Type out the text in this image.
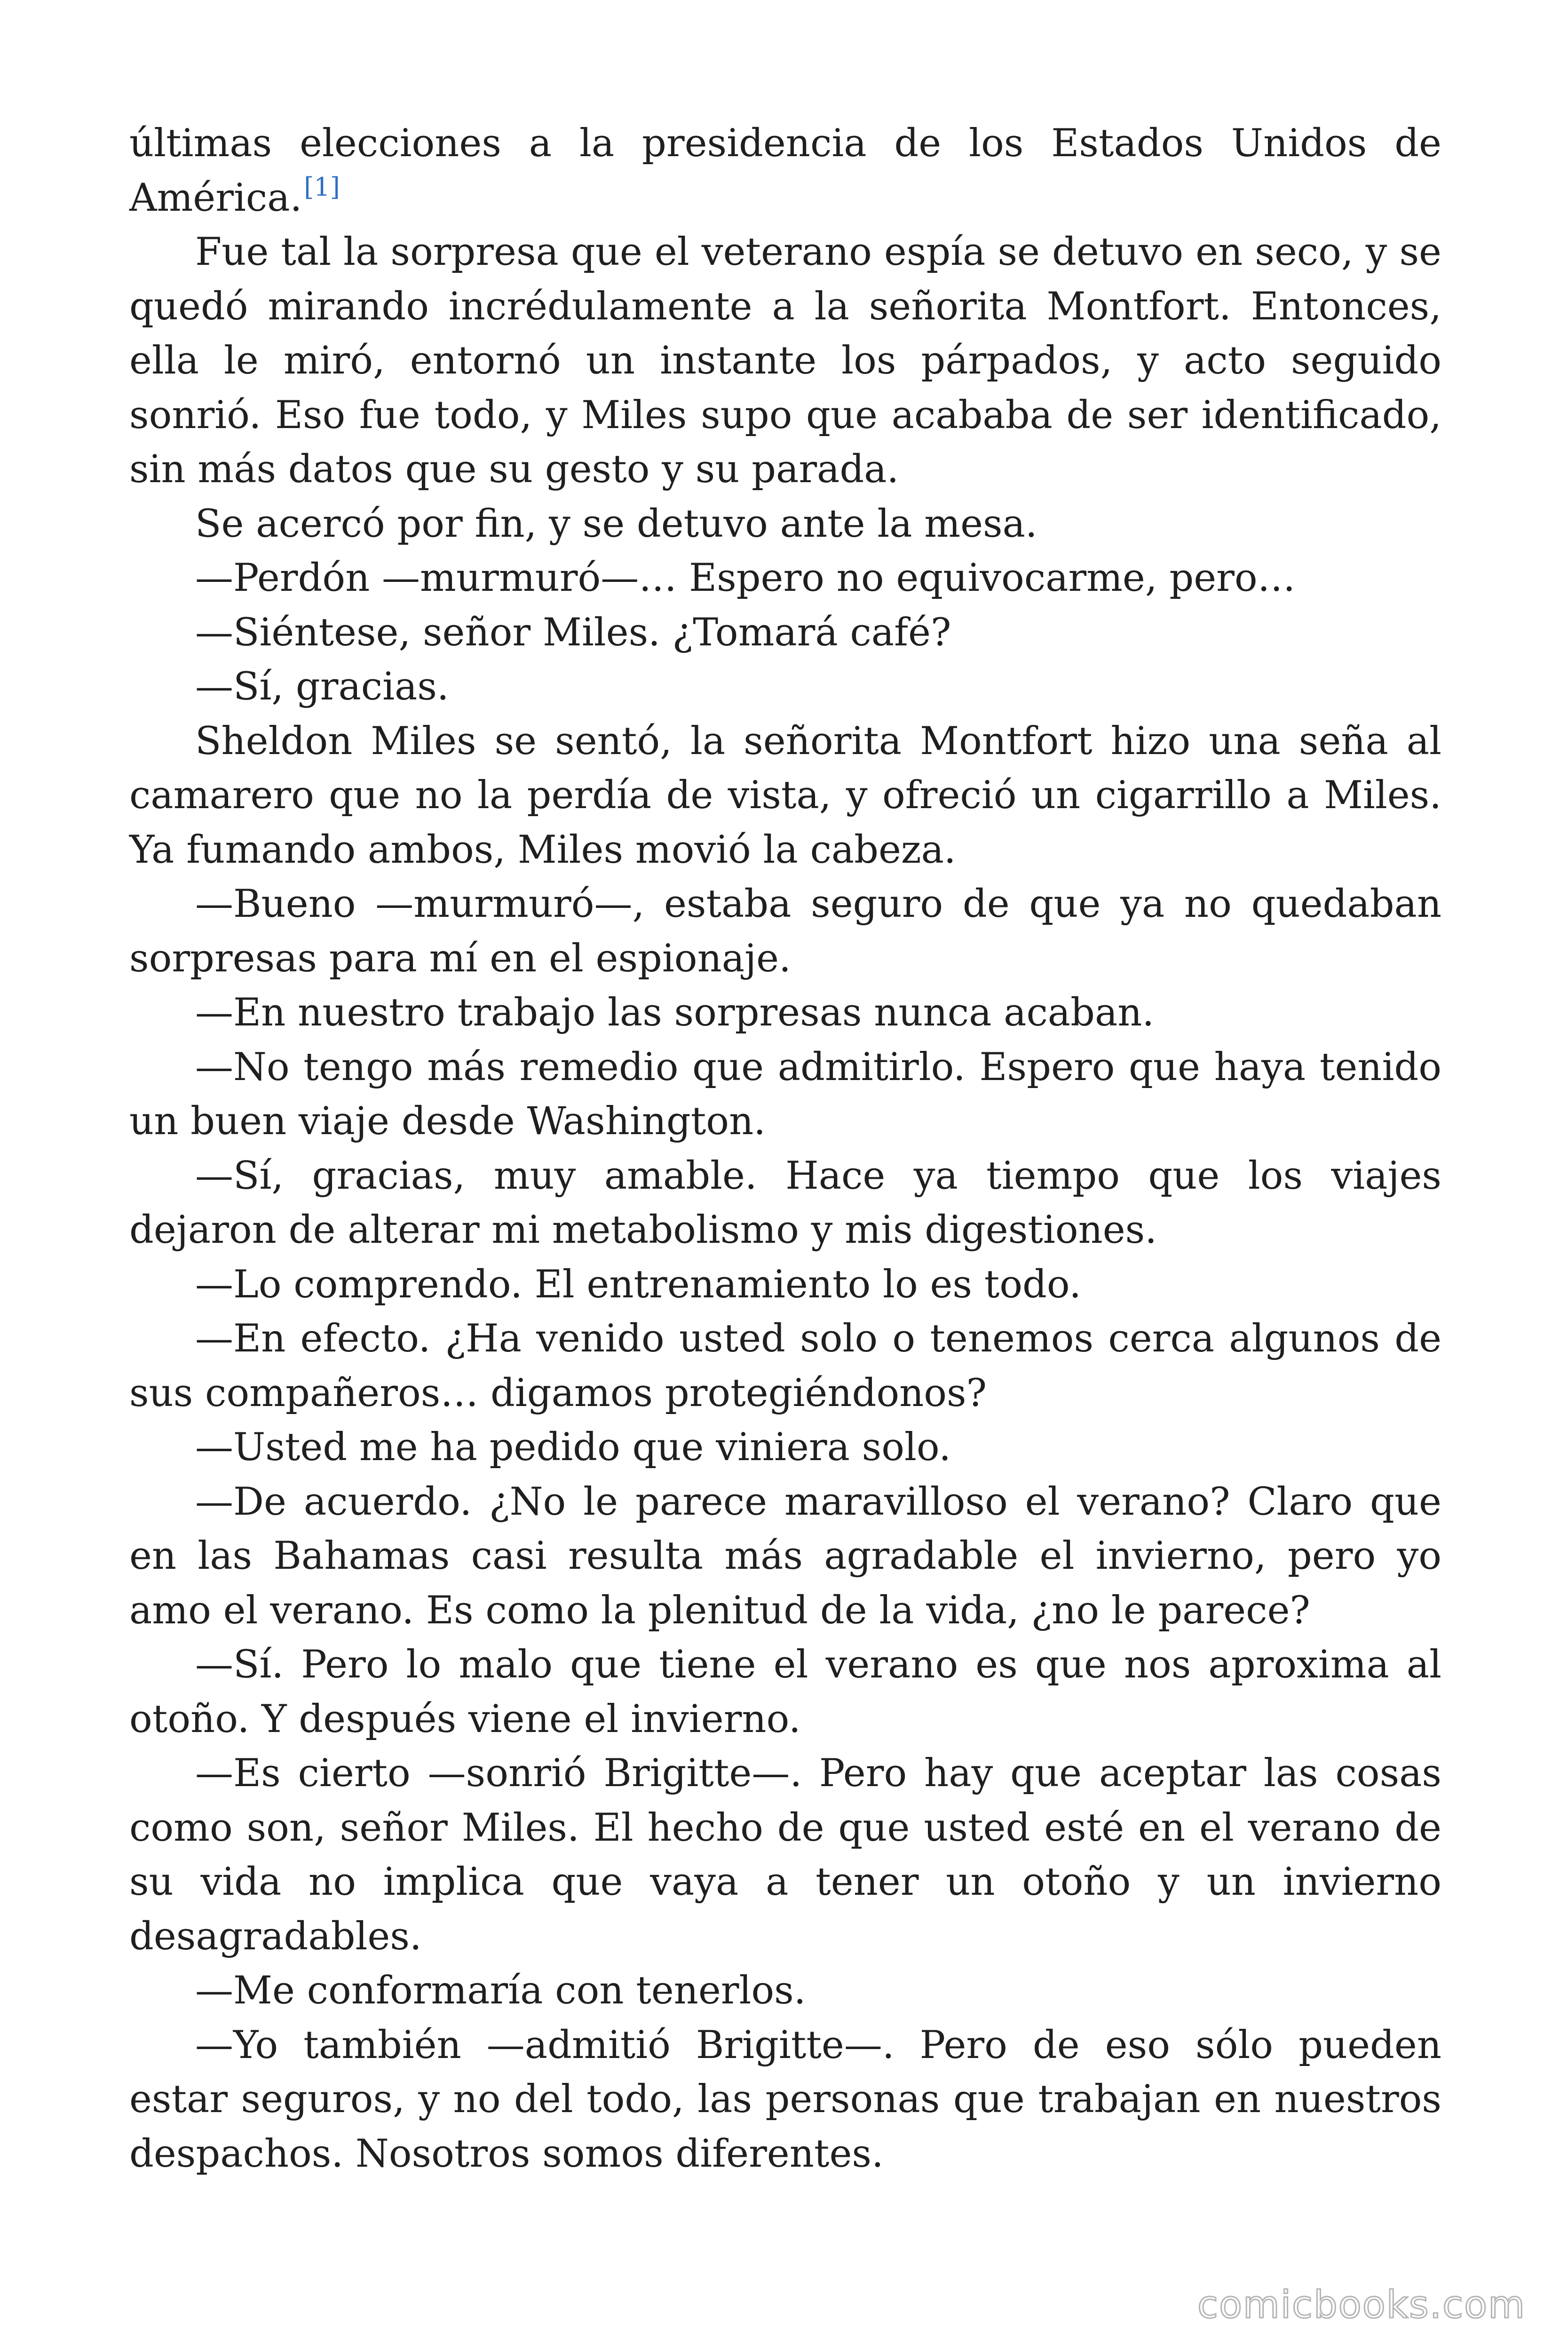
últimas elecciones a la presidencia de los Estados Unidos de América.[1]

Fue tal la sorpresa que el veterano espía se detuvo en seco, y se quedó mirando incrédulamente a la señorita Montfort. Entonces, ella le miró, entornó un instante los párpados, y acto seguido sonrió. Eso fue todo, y Miles supo que acababa de ser identificado, sin más datos que su gesto y su parada.

Se acercó por fin, y se detuvo ante la mesa.

—Perdón —murmuró—… Espero no equivocarme, pero…

—Siéntese, señor Miles. ¿Tomará café?

—Sí, gracias.

Sheldon Miles se sentó, la señorita Montfort hizo una seña al camarero que no la perdía de vista, y ofreció un cigarrillo a Miles. Ya fumando ambos, Miles movió la cabeza.

—Bueno —murmuró—, estaba seguro de que ya no quedaban sorpresas para mí en el espionaje.

—En nuestro trabajo las sorpresas nunca acaban.

—No tengo más remedio que admitirlo. Espero que haya tenido un buen viaje desde Washington.

—Sí, gracias, muy amable. Hace ya tiempo que los viajes dejaron de alterar mi metabolismo y mis digestiones.

—Lo comprendo. El entrenamiento lo es todo.

—En efecto. ¿Ha venido usted solo o tenemos cerca algunos de sus compañeros… digamos protegiéndonos?

—Usted me ha pedido que viniera solo.

—De acuerdo. ¿No le parece maravilloso el verano? Claro que en las Bahamas casi resulta más agradable el invierno, pero yo amo el verano. Es como la plenitud de la vida, ¿no le parece?

—Sí. Pero lo malo que tiene el verano es que nos aproxima al otoño. Y después viene el invierno.

—Es cierto —sonrió Brigitte—. Pero hay que aceptar las cosas como son, señor Miles. El hecho de que usted esté en el verano de su vida no implica que vaya a tener un otoño y un invierno desagradables.

—Me conformaría con tenerlos.

—Yo también —admitió Brigitte—. Pero de eso sólo pueden estar seguros, y no del todo, las personas que trabajan en nuestros despachos. Nosotros somos diferentes.

comicbooks.com
